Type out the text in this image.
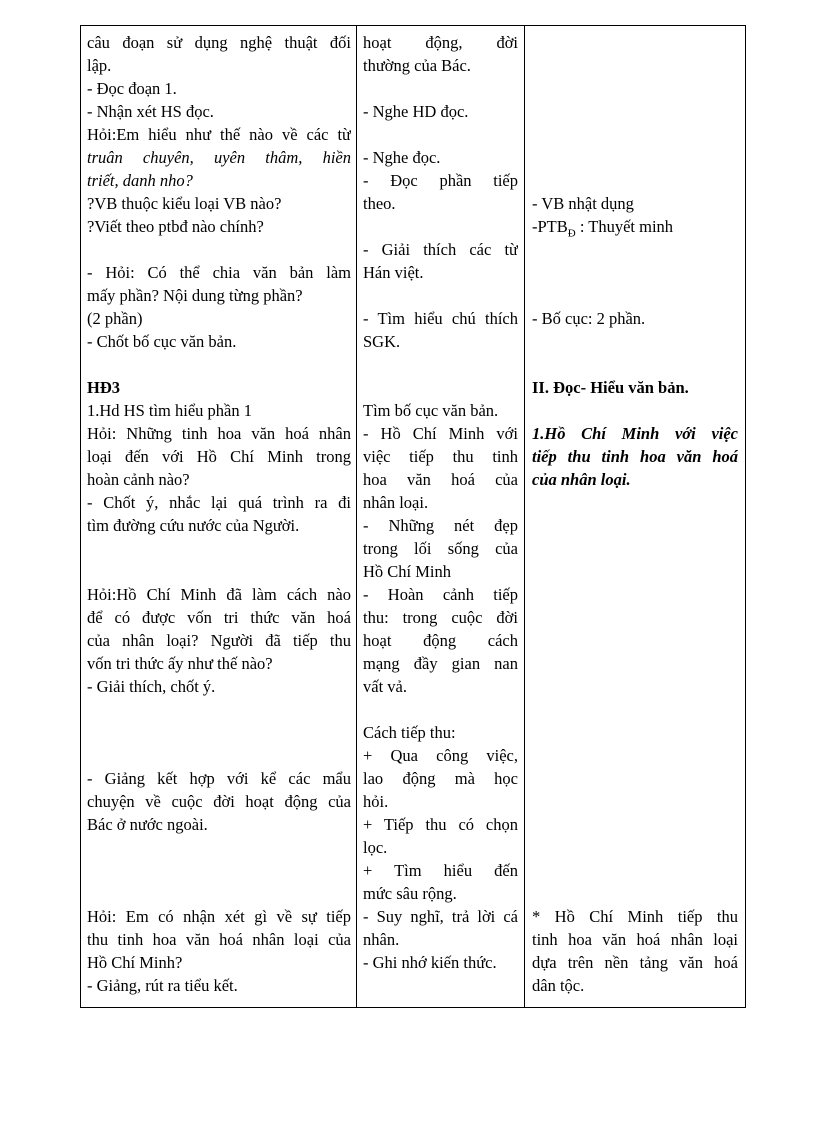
câu đoạn sử dụng nghệ thuật đối
lập.
- Đọc đoạn 1.
- Nhận xét HS đọc.
Hỏi:Em hiểu như thế nào về các từ
truân chuyên, uyên thâm, hiền
triết, danh nho?
?VB thuộc kiểu loại VB nào?
?Viết theo ptbđ nào chính?
- Hỏi: Có thể chia văn bản làm
mấy phần? Nội dung từng phần?
(2 phần)
- Chốt bố cục văn bản.
HĐ3
1.Hd HS tìm hiểu phần 1
Hỏi: Những tinh hoa văn hoá nhân
loại đến với Hồ Chí Minh trong
hoàn cảnh nào?
- Chốt ý, nhắc lại quá trình ra đi
tìm đường cứu nước của Người.
Hỏi:Hồ Chí Minh đã làm cách nào
để có được vốn tri thức văn hoá
của nhân loại? Người đã tiếp thu
vốn tri thức ấy như thế nào?
- Giải thích, chốt ý.
- Giảng kết hợp với kể các mẩu
chuyện về cuộc đời hoạt động của
Bác ở nước ngoài.
Hỏi: Em có nhận xét gì về sự tiếp
thu tinh hoa văn hoá nhân loại của
Hồ Chí Minh?
- Giảng, rút ra tiểu kết.
hoạt động, đời
thường của Bác.
- Nghe HD đọc.
- Nghe đọc.
- Đọc phần tiếp
theo.
- Giải thích các từ
Hán việt.
- Tìm hiểu chú thích
SGK.
Tìm bố cục văn bản.
- Hồ Chí Minh với
việc tiếp thu tinh
hoa văn hoá của
nhân loại.
- Những nét đẹp
trong lối sống của
Hồ Chí Minh
- Hoàn cảnh tiếp
thu: trong cuộc đời
hoạt động cách
mạng đầy gian nan
vất vả.
Cách tiếp thu:
+ Qua công việc,
lao động mà học
hỏi.
+ Tiếp thu có chọn
lọc.
+ Tìm hiểu đến
mức sâu rộng.
- Suy nghĩ, trả lời cá
nhân.
- Ghi nhớ kiến thức.
- VB nhật dụng
$-PTB_Đ$ : Thuyết minh
- Bố cục: 2 phần.
II. Đọc- Hiểu văn bản.
1.Hồ Chí Minh với việc
tiếp thu tinh hoa văn hoá
của nhân loại.
* Hồ Chí Minh tiếp thu
tinh hoa văn hoá nhân loại
dựa trên nền tảng văn hoá
dân tộc.
